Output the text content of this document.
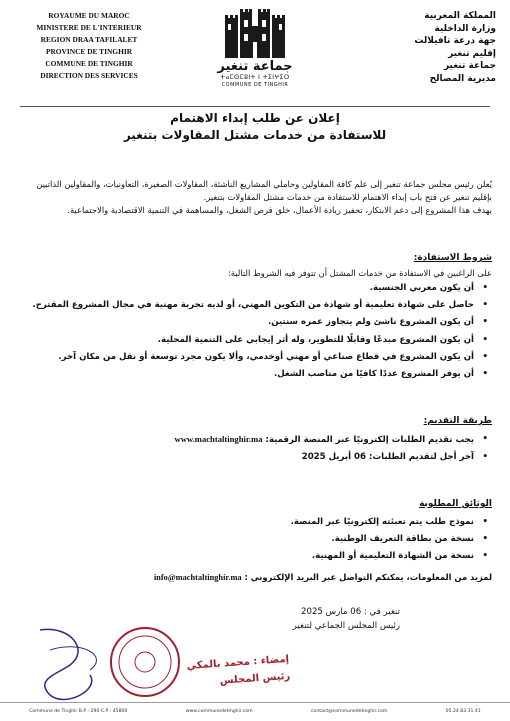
ROYAUME DU MAROC
MINISTERE DE L'INTERIEUR
REGION DRAA TAFILALET
PROVINCE DE TINGHIR
COMMUNE DE TINGHIR
DIRECTION DES SERVICES
جماعة تنغير
ⵜⴰⵎⵙⵎⵓⵏⵜ ⵏ ⵜⵉⵏⵖⵉⵔ
COMMUNE DE TINGHIR
المملكة المغربية
وزارة الداخلية
جهة درعة تافيلالت
إقليم تنغير
جماعة تنغير
مديرية المصالح
إعلان عن طلب إبداء الاهتمام
للاستفادة من خدمات مشتل المقاولات بتنغير
يُعلن رئيس مجلس جماعة تنغير إلى علم كافة المقاولين وحاملي المشاريع الناشئة، المقاولات الصغيرة، التعاونيات، والمقاولين الذاتيين بإقليم تنغير عن فتح باب إبداء الاهتمام للاستفادة من خدمات مشتل المقاولات بتنغير.
يهدف هذا المشروع إلى دعم الابتكار، تحفيز ريادة الأعمال، خلق فرص الشغل، والمساهمة في التنمية الاقتصادية والاجتماعية.
شروط الاستفادة:
على الراغبين في الاستفادة من خدمات المشتل أن تتوفر فيه الشروط التالية:
• أن يكون مغربي الجنسية.
• حاصل على شهادة تعليمية أو شهادة من التكوين المهني، أو لديه تجربة مهنية في مجال المشروع المقترح.
• أن يكون المشروع ناشئ ولم يتجاوز عمره سنتين.
• أن يكون المشروع مبدعًا وقابلًا للتطوير، وله أثر إيجابي على التنمية المحلية.
• أن يكون المشروع في قطاع صناعي أو مهني أوخدمي، وألا يكون مجرد توسعة أو نقل من مكان آخر.
• أن يوفر المشروع عددًا كافيًا من مناصب الشغل.
طريقة التقديم:
• يجب تقديم الطلبات إلكترونيًا عبر المنصة الرقمية: www.machtaltinghir.ma
• آخر أجل لتقديم الطلبات: 06 أبريل 2025
الوثائق المطلوبة
• نموذج طلب يتم تعبئته إلكترونيًا عبر المنصة.
• نسخة من بطاقة التعريف الوطنية.
• نسخة من الشهادة التعليمية أو المهنية.
لمزيد من المعلومات، يمكنكم التواصل عبر البريد الإلكتروني : info@machtaltinghir.ma
تنغير في : 06 مارس 2025
رئيس المجلس الجماعي لتنغير
إمضاء : محمد بالمكي
رئيس المجلس
Commune de Tinghir B.P : 290 C.P : 45800	www.communedetinghir.com	contact@communedetinghir.com	05.24.83.31.41
